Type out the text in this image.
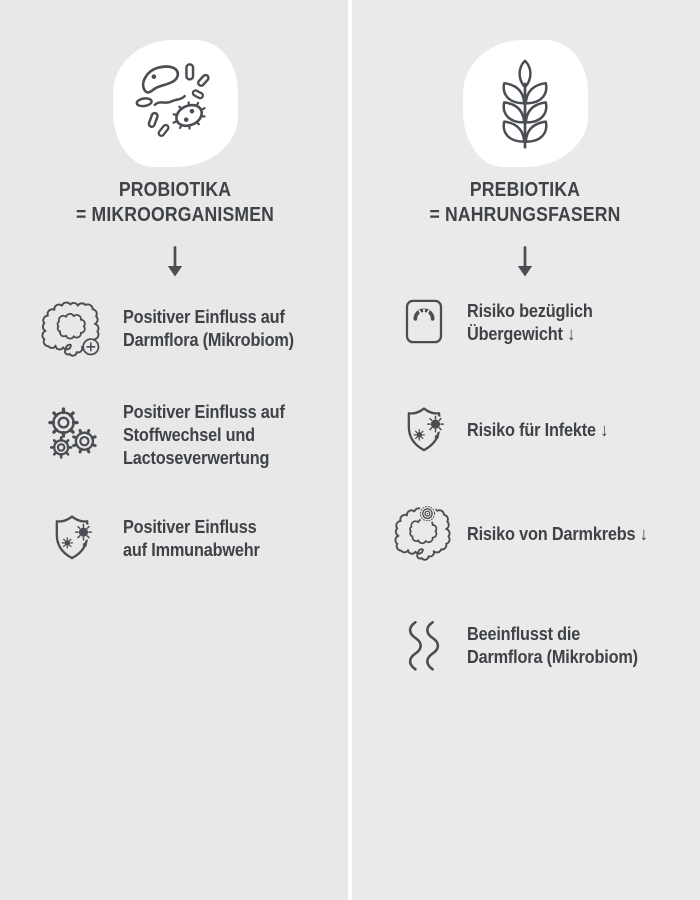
PROBIOTIKA
= MIKROORGANISMEN
Positiver Einfluss auf
Darmflora (Mikrobiom)
Positiver Einfluss auf
Stoffwechsel und
Lactoseverwertung
Positiver Einfluss
auf Immunabwehr
PREBIOTIKA
= NAHRUNGSFASERN
Risiko bezüglich
Übergewicht ↓
Risiko für Infekte ↓
Risiko von Darmkrebs ↓
Beeinflusst die
Darmflora (Mikrobiom)
